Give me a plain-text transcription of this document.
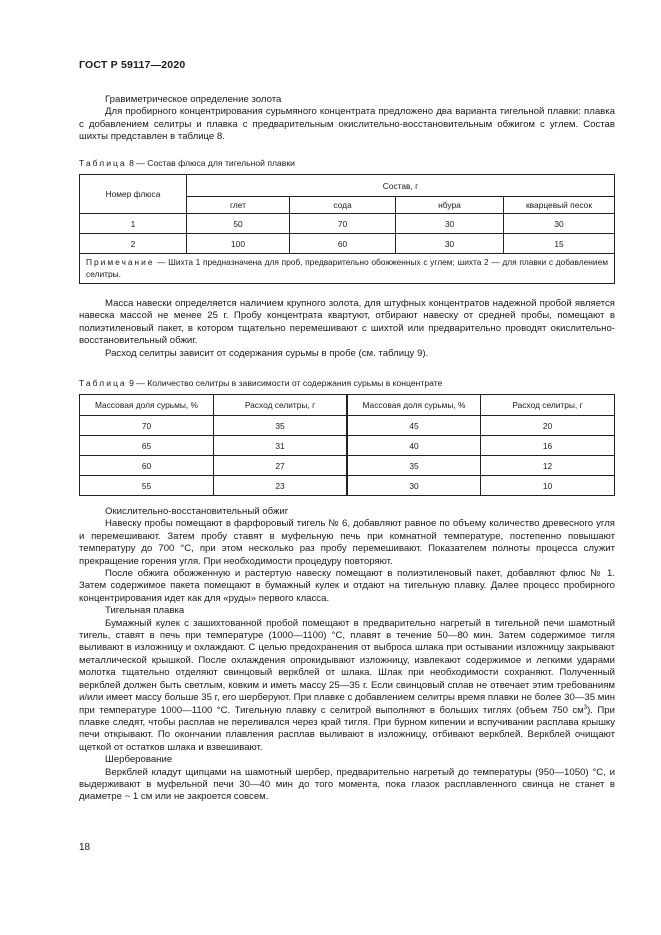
ГОСТ Р 59117—2020

Гравиметрическое определение золота

Для пробирного концентрирования сурьмяного концентрата предложено два варианта тигельной плавки: плавка с добавлением селитры и плавка с предварительным окислительно-восстановительным обжигом с углем. Состав шихты представлен в таблице 8.

Таблица 8 — Состав флюса для тигельной плавки
Номер флюса	Состав, г			
	глет	сода	нбура	кварцевый песок
1	50	70	30	30
2	100	60	30	15
Примечание — Шихта 1 предназначена для проб, предварительно обожженных с углем; шихта 2 — для плавки с добавлением селитры.				

Масса навески определяется наличием крупного золота, для штуфных концентратов надежной пробой является навеска массой не менее 25 г. Пробу концентрата квартуют, отбирают навеску от средней пробы, помещают в полиэтиленовый пакет, в котором тщательно перемешивают с шихтой или предварительно проводят окислительно-восстановительный обжиг.

Расход селитры зависит от содержания сурьмы в пробе (см. таблицу 9).

Таблица 9 — Количество селитры в зависимости от содержания сурьмы в концентрате
Массовая доля сурьмы, %	Расход селитры, г	Массовая доля сурьмы, %	Расход селитры, г
70	35	45	20
65	31	40	16
60	27	35	12
55	23	30	10

Окислительно-восстановительный обжиг

Навеску пробы помещают в фарфоровый тигель № 6, добавляют равное по объему количество древесного угля и перемешивают. Затем пробу ставят в муфельную печь при комнатной температуре, постепенно повышают температуру до 700 °С, при этом несколько раз пробу перемешивают. Показателем полноты процесса служит прекращение горения угля. При необходимости процедуру повторяют.

После обжига обожженную и растертую навеску помещают в полиэтиленовый пакет, добавляют флюс № 1. Затем содержимое пакета помещают в бумажный кулек и отдают на тигельную плавку. Далее процесс пробирного концентрирования идет как для «руды» первого класса.

Тигельная плавка

Бумажный кулек с зашихтованной пробой помещают в предварительно нагретый в тигельной печи шамотный тигель, ставят в печь при температуре (1000—1100) °С, плавят в течение 50—80 мин. Затем содержимое тигля выливают в изложницу и охлаждают. С целью предохранения от выброса шлака при остывании изложницу закрывают металлической крышкой. После охлаждения опрокидывают изложницу, извлекают содержимое и легкими ударами молотка тщательно отделяют свинцовый веркблей от шлака. Шлак при необходимости сохраняют. Полученный веркблей должен быть светлым, ковким и иметь массу 25—35 г. Если свинцовый сплав не отвечает этим требованиям и/или имеет массу больше 35 г, его шерберуют. При плавке с добавлением селитры время плавки не более 30—35 мин при температуре 1000—1100 °С. Тигельную плавку с селитрой выполняют в больших тиглях (объем 750 $см^3$). При плавке следят, чтобы расплав не переливался через край тигля. При бурном кипении и вспучивании расплава крышку печи открывают. По окончании плавления расплав выливают в изложницу, отбивают веркблей. Веркблей очищают щеткой от остатков шлака и взвешивают.

Шерберование

Веркблей кладут щипцами на шамотный шербер, предварительно нагретый до температуры (950—1050) °С, и выдерживают в муфельной печи 30—40 мин до того момента, пока глазок расплавленного свинца не станет в диаметре ~ 1 см или не закроется совсем.

18
